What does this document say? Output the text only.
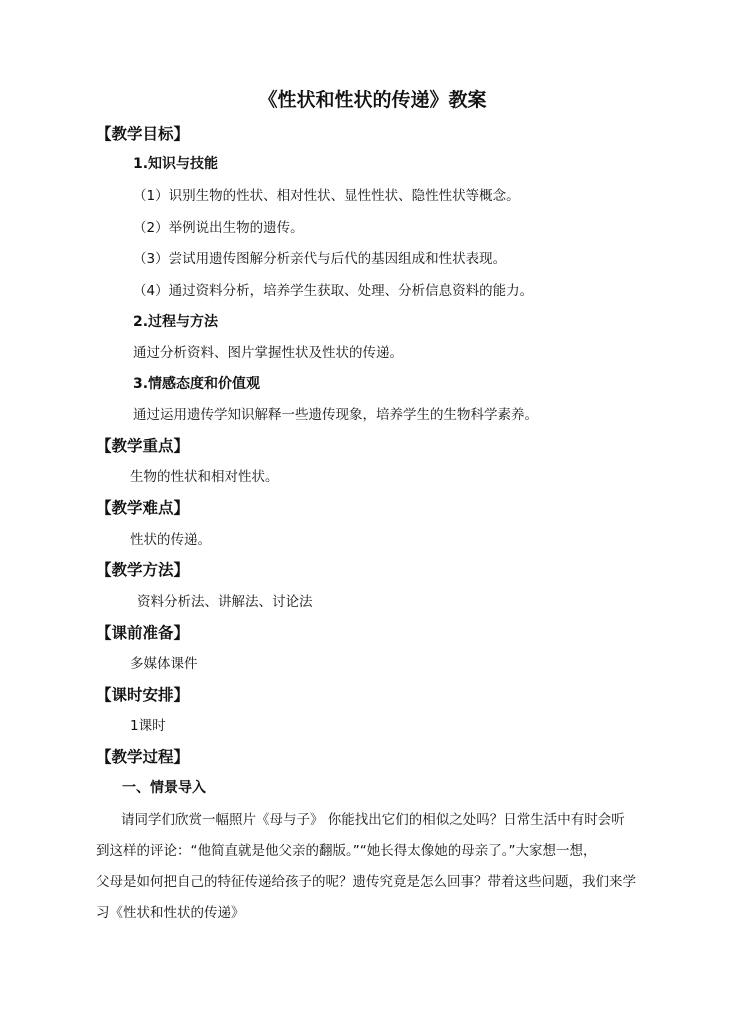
《性状和性状的传递》教案
【教学目标】
1.知识与技能
（1）识别生物的性状、相对性状、显性性状、隐性性状等概念。
（2）举例说出生物的遗传。
（3）尝试用遗传图解分析亲代与后代的基因组成和性状表现。
（4）通过资料分析，培养学生获取、处理、分析信息资料的能力。
2.过程与方法
通过分析资料、图片掌握性状及性状的传递。
3.情感态度和价值观
通过运用遗传学知识解释一些遗传现象，培养学生的生物科学素养。
【教学重点】
生物的性状和相对性状。
【教学难点】
性状的传递。
【教学方法】
资料分析法、讲解法、讨论法
【课前准备】
多媒体课件
【课时安排】
1课时
【教学过程】
一、情景导入
请同学们欣赏一幅照片《母与子》 你能找出它们的相似之处吗？日常生活中有时会听
到这样的评论：“他简直就是他父亲的翻版。”“她长得太像她的母亲了。”大家想一想，
父母是如何把自己的特征传递给孩子的呢？遗传究竟是怎么回事？带着这些问题，我们来学
习《性状和性状的传递》
